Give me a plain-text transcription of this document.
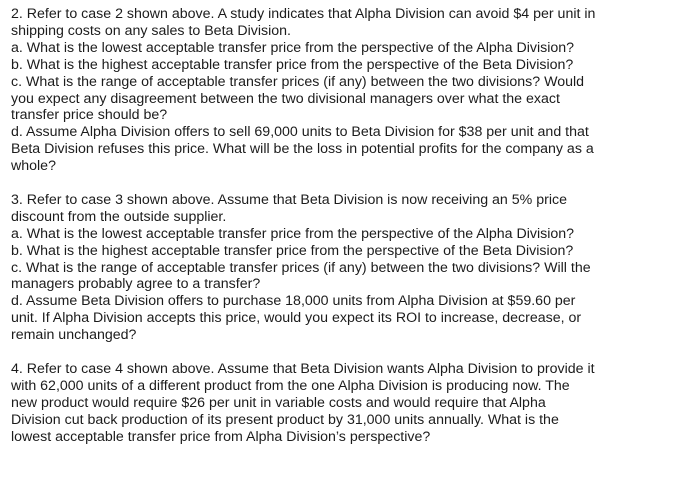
2. Refer to case 2 shown above. A study indicates that Alpha Division can avoid $4 per unit in
shipping costs on any sales to Beta Division.
a. What is the lowest acceptable transfer price from the perspective of the Alpha Division?
b. What is the highest acceptable transfer price from the perspective of the Beta Division?
c. What is the range of acceptable transfer prices (if any) between the two divisions? Would
you expect any disagreement between the two divisional managers over what the exact
transfer price should be?
d. Assume Alpha Division offers to sell 69,000 units to Beta Division for $38 per unit and that
Beta Division refuses this price. What will be the loss in potential profits for the company as a
whole?
3. Refer to case 3 shown above. Assume that Beta Division is now receiving an 5% price
discount from the outside supplier.
a. What is the lowest acceptable transfer price from the perspective of the Alpha Division?
b. What is the highest acceptable transfer price from the perspective of the Beta Division?
c. What is the range of acceptable transfer prices (if any) between the two divisions? Will the
managers probably agree to a transfer?
d. Assume Beta Division offers to purchase 18,000 units from Alpha Division at $59.60 per
unit. If Alpha Division accepts this price, would you expect its ROI to increase, decrease, or
remain unchanged?
4. Refer to case 4 shown above. Assume that Beta Division wants Alpha Division to provide it
with 62,000 units of a different product from the one Alpha Division is producing now. The
new product would require $26 per unit in variable costs and would require that Alpha
Division cut back production of its present product by 31,000 units annually. What is the
lowest acceptable transfer price from Alpha Division’s perspective?
